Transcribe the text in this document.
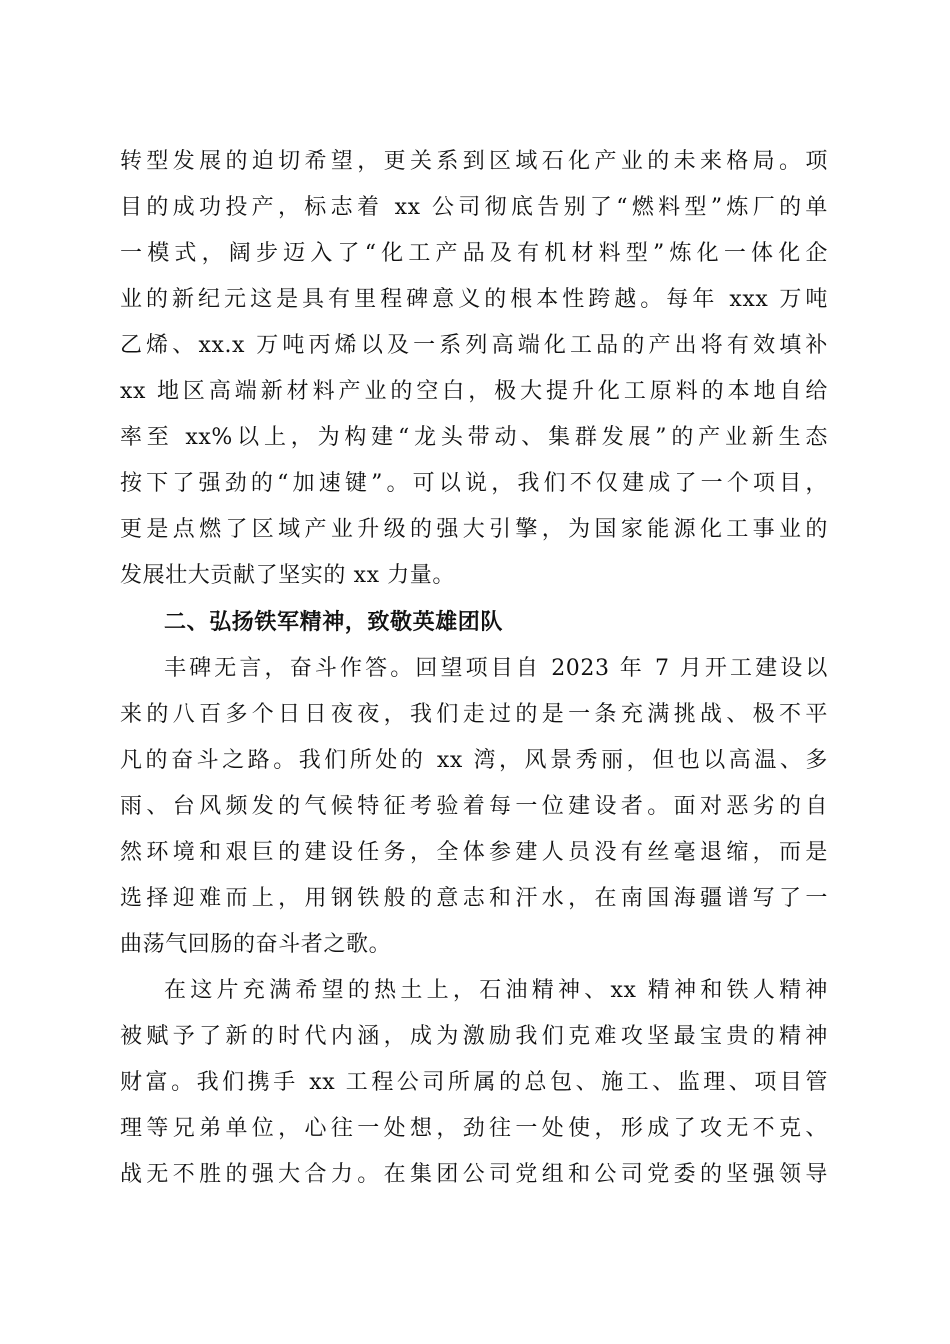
转型发展的迫切希望，更关系到区域石化产业的未来格局。项
目的成功投产，标志着 xx 公司彻底告别了“燃料型”炼厂的单
一模式，阔步迈入了“化工产品及有机材料型”炼化一体化企
业的新纪元这是具有里程碑意义的根本性跨越。每年 xxx 万吨
乙烯、xx.x 万吨丙烯以及一系列高端化工品的产出将有效填补
xx 地区高端新材料产业的空白，极大提升化工原料的本地自给
率至 xx%以上，为构建“龙头带动、集群发展”的产业新生态
按下了强劲的“加速键”。可以说，我们不仅建成了一个项目，
更是点燃了区域产业升级的强大引擎，为国家能源化工事业的
发展壮大贡献了坚实的 xx 力量。
二、弘扬铁军精神，致敬英雄团队
丰碑无言，奋斗作答。回望项目自 2023 年 7 月开工建设以
来的八百多个日日夜夜，我们走过的是一条充满挑战、极不平
凡的奋斗之路。我们所处的 xx 湾，风景秀丽，但也以高温、多
雨、台风频发的气候特征考验着每一位建设者。面对恶劣的自
然环境和艰巨的建设任务，全体参建人员没有丝毫退缩，而是
选择迎难而上，用钢铁般的意志和汗水，在南国海疆谱写了一
曲荡气回肠的奋斗者之歌。
在这片充满希望的热土上，石油精神、xx 精神和铁人精神
被赋予了新的时代内涵，成为激励我们克难攻坚最宝贵的精神
财富。我们携手 xx 工程公司所属的总包、施工、监理、项目管
理等兄弟单位，心往一处想，劲往一处使，形成了攻无不克、
战无不胜的强大合力。在集团公司党组和公司党委的坚强领导
